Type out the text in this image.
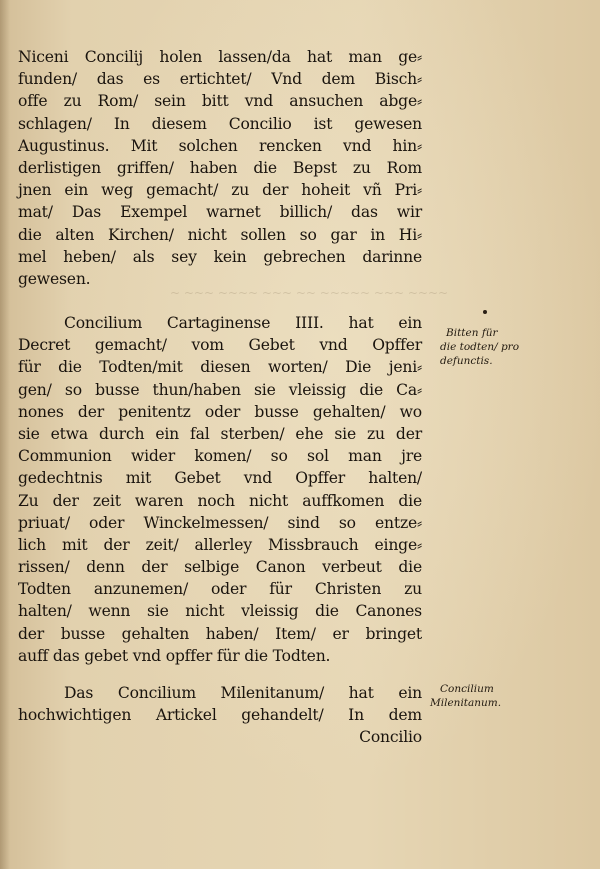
~ ~~~ ~~~~ ~~~ ~~ ~~~~~ ~~~ ~~~~
Niceni Concilij holen lassen/da hat man ge⸗
funden/ das es ertichtet/ Vnd dem Bisch⸗
offe zu Rom/ sein bitt vnd ansuchen abge⸗
schlagen/ In diesem Concilio ist gewesen
Augustinus. Mit solchen rencken vnd hin⸗
derlistigen griffen/ haben die Bepst zu Rom
jnen ein weg gemacht/ zu der hoheit vñ Pri⸗
mat/ Das Exempel warnet billich/ das wir
die alten Kirchen/ nicht sollen so gar in Hi⸗
mel heben/ als sey kein gebrechen darinne
gewesen.
Concilium Cartaginense IIII. hat ein
Decret gemacht/ vom Gebet vnd Opffer
für die Todten/mit diesen worten/ Die jeni⸗
gen/ so busse thun/haben sie vleissig die Ca⸗
nones der penitentz oder busse gehalten/ wo
sie etwa durch ein fal sterben/ ehe sie zu der
Communion wider komen/ so sol man jre
gedechtnis mit Gebet vnd Opffer halten/
Zu der zeit waren noch nicht auffkomen die
priuat/ oder Winckelmessen/ sind so entze⸗
lich mit der zeit/ allerley Missbrauch einge⸗
rissen/ denn der selbige Canon verbeut die
Todten anzunemen/ oder für Christen zu
halten/ wenn sie nicht vleissig die Canones
der busse gehalten haben/ Item/ er bringet
auff das gebet vnd opffer für die Todten.
Das Concilium Milenitanum/ hat ein
hochwichtigen Artickel gehandelt/ In dem
Concilio
Bitten für
die todten/ pro
defunctis.
Concilium
Milenitanum.
